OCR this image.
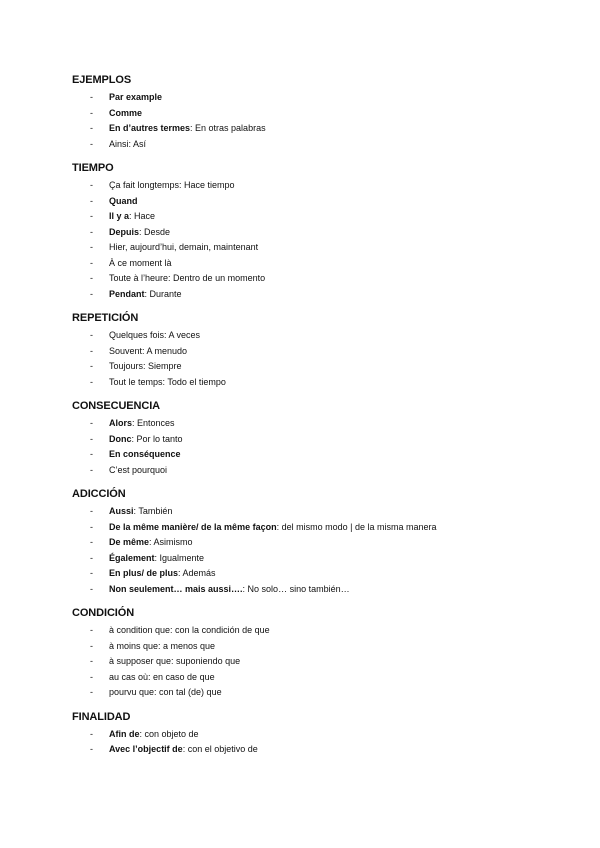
EJEMPLOS
- Par example
- Comme
- En d’autres termes: En otras palabras
- Ainsi: Así
TIEMPO
- Ça fait longtemps: Hace tiempo
- Quand
- Il y a: Hace
- Depuis: Desde
- Hier, aujourd’hui, demain, maintenant
- À ce moment là
- Toute à l’heure: Dentro de un momento
- Pendant: Durante
REPETICIÓN
- Quelques fois: A veces
- Souvent: A menudo
- Toujours: Siempre
- Tout le temps: Todo el tiempo
CONSECUENCIA
- Alors: Entonces
- Donc: Por lo tanto
- En conséquence
- C’est pourquoi
ADICCIÓN
- Aussi: También
- De la même manière/ de la même façon: del mismo modo | de la misma manera
- De même: Asimismo
- Également: Igualmente
- En plus/ de plus: Además
- Non seulement… mais aussi….: No solo… sino también…
CONDICIÓN
- à condition que: con la condición de que
- à moins que: a menos que
- à supposer que: suponiendo que
- au cas où: en caso de que
- pourvu que: con tal (de) que
FINALIDAD
- Afin de: con objeto de
- Avec l’objectif de: con el objetivo de
